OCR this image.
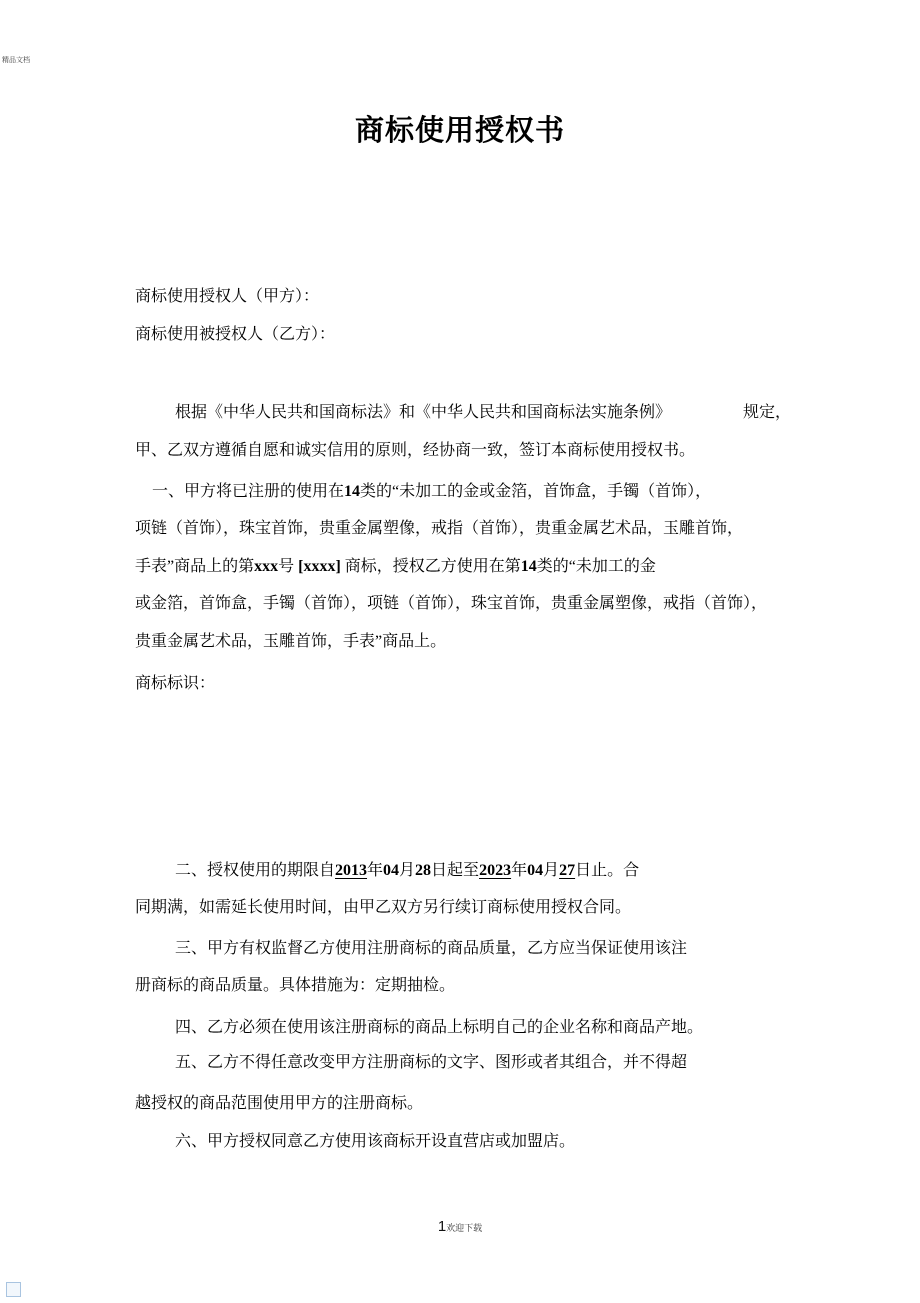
精品文档
商标使用授权书
商标使用授权人（甲方）：
商标使用被授权人（乙方）：
根据《中华人民共和国商标法》和《中华人民共和国商标法实施条例》	规定，
甲、乙双方遵循自愿和诚实信用的原则，经协商一致，签订本商标使用授权书。
一、甲方将已注册的使用在14类的“未加工的金或金箔，首饰盒，手镯（首饰），
项链（首饰），珠宝首饰，贵重金属塑像，戒指（首饰），贵重金属艺术品，玉雕首饰，
手表”商品上的第xxx号 [xxxx] 商标，授权乙方使用在第14类的“未加工的金
或金箔，首饰盒，手镯（首饰），项链（首饰），珠宝首饰，贵重金属塑像，戒指（首饰），
贵重金属艺术品，玉雕首饰，手表”商品上。
商标标识：
二、授权使用的期限自2013年04月28日起至2023年04月27日止。合
同期满，如需延长使用时间，由甲乙双方另行续订商标使用授权合同。
三、甲方有权监督乙方使用注册商标的商品质量，乙方应当保证使用该注
册商标的商品质量。具体措施为：定期抽检。
四、乙方必须在使用该注册商标的商品上标明自己的企业名称和商品产地。
五、乙方不得任意改变甲方注册商标的文字、图形或者其组合，并不得超
越授权的商品范围使用甲方的注册商标。
六、甲方授权同意乙方使用该商标开设直营店或加盟店。
1欢迎下载
